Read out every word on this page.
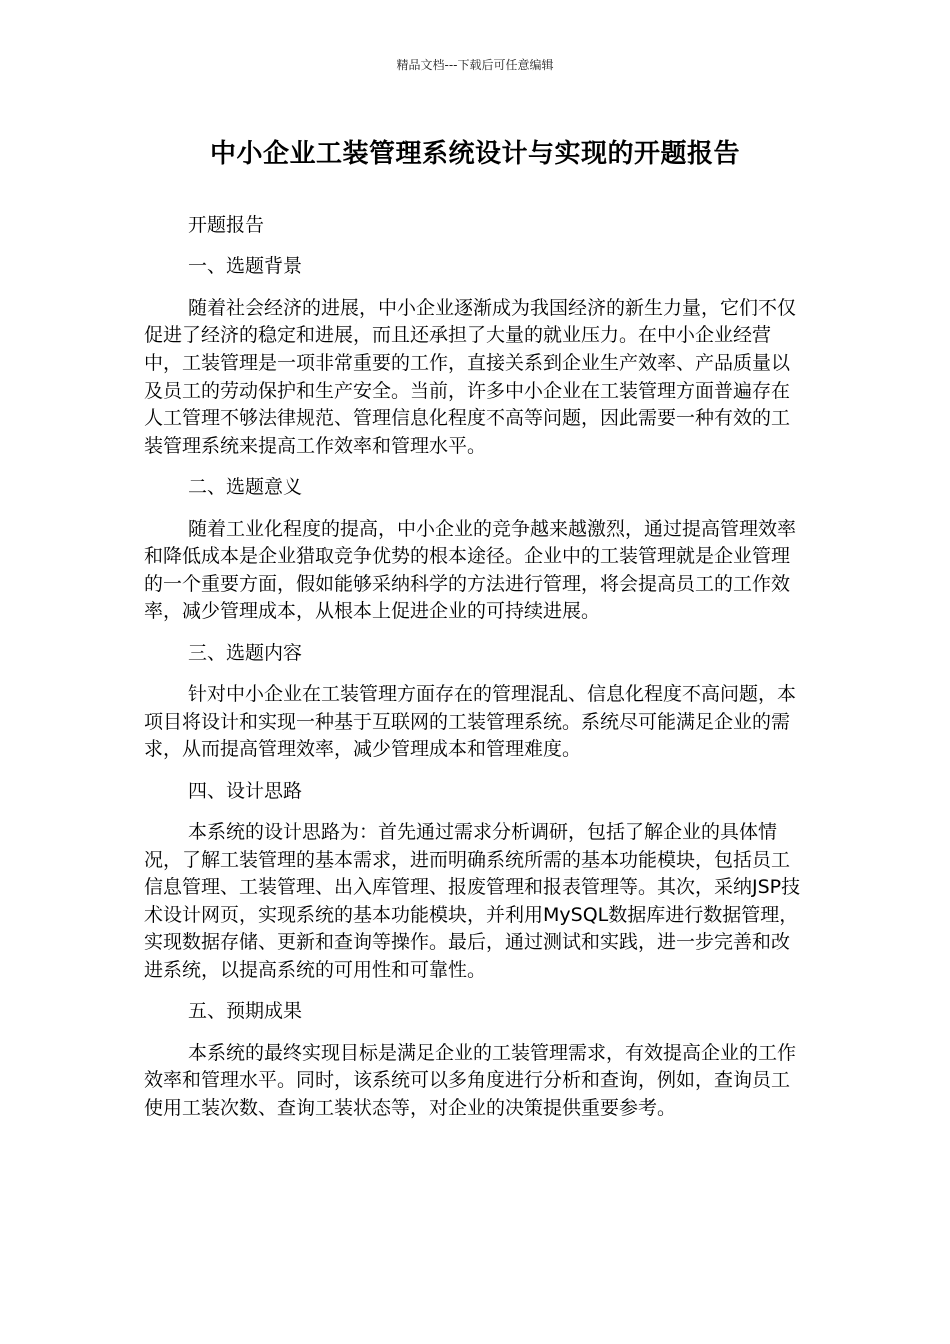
精品文档---下载后可任意编辑
中小企业工装管理系统设计与实现的开题报告

开题报告

一、选题背景

随着社会经济的进展，中小企业逐渐成为我国经济的新生力量，它们不仅促进了经济的稳定和进展，而且还承担了大量的就业压力。在中小企业经营中，工装管理是一项非常重要的工作，直接关系到企业生产效率、产品质量以及员工的劳动保护和生产安全。当前，许多中小企业在工装管理方面普遍存在人工管理不够法律规范、管理信息化程度不高等问题，因此需要一种有效的工装管理系统来提高工作效率和管理水平。

二、选题意义

随着工业化程度的提高，中小企业的竞争越来越激烈，通过提高管理效率和降低成本是企业猎取竞争优势的根本途径。企业中的工装管理就是企业管理的一个重要方面，假如能够采纳科学的方法进行管理，将会提高员工的工作效率，减少管理成本，从根本上促进企业的可持续进展。

三、选题内容

针对中小企业在工装管理方面存在的管理混乱、信息化程度不高问题，本项目将设计和实现一种基于互联网的工装管理系统。系统尽可能满足企业的需求，从而提高管理效率，减少管理成本和管理难度。

四、设计思路

本系统的设计思路为：首先通过需求分析调研，包括了解企业的具体情况，了解工装管理的基本需求，进而明确系统所需的基本功能模块，包括员工信息管理、工装管理、出入库管理、报废管理和报表管理等。其次，采纳JSP技术设计网页，实现系统的基本功能模块，并利用MySQL数据库进行数据管理，实现数据存储、更新和查询等操作。最后，通过测试和实践，进一步完善和改进系统，以提高系统的可用性和可靠性。

五、预期成果

本系统的最终实现目标是满足企业的工装管理需求，有效提高企业的工作效率和管理水平。同时，该系统可以多角度进行分析和查询，例如，查询员工使用工装次数、查询工装状态等，对企业的决策提供重要参考。
